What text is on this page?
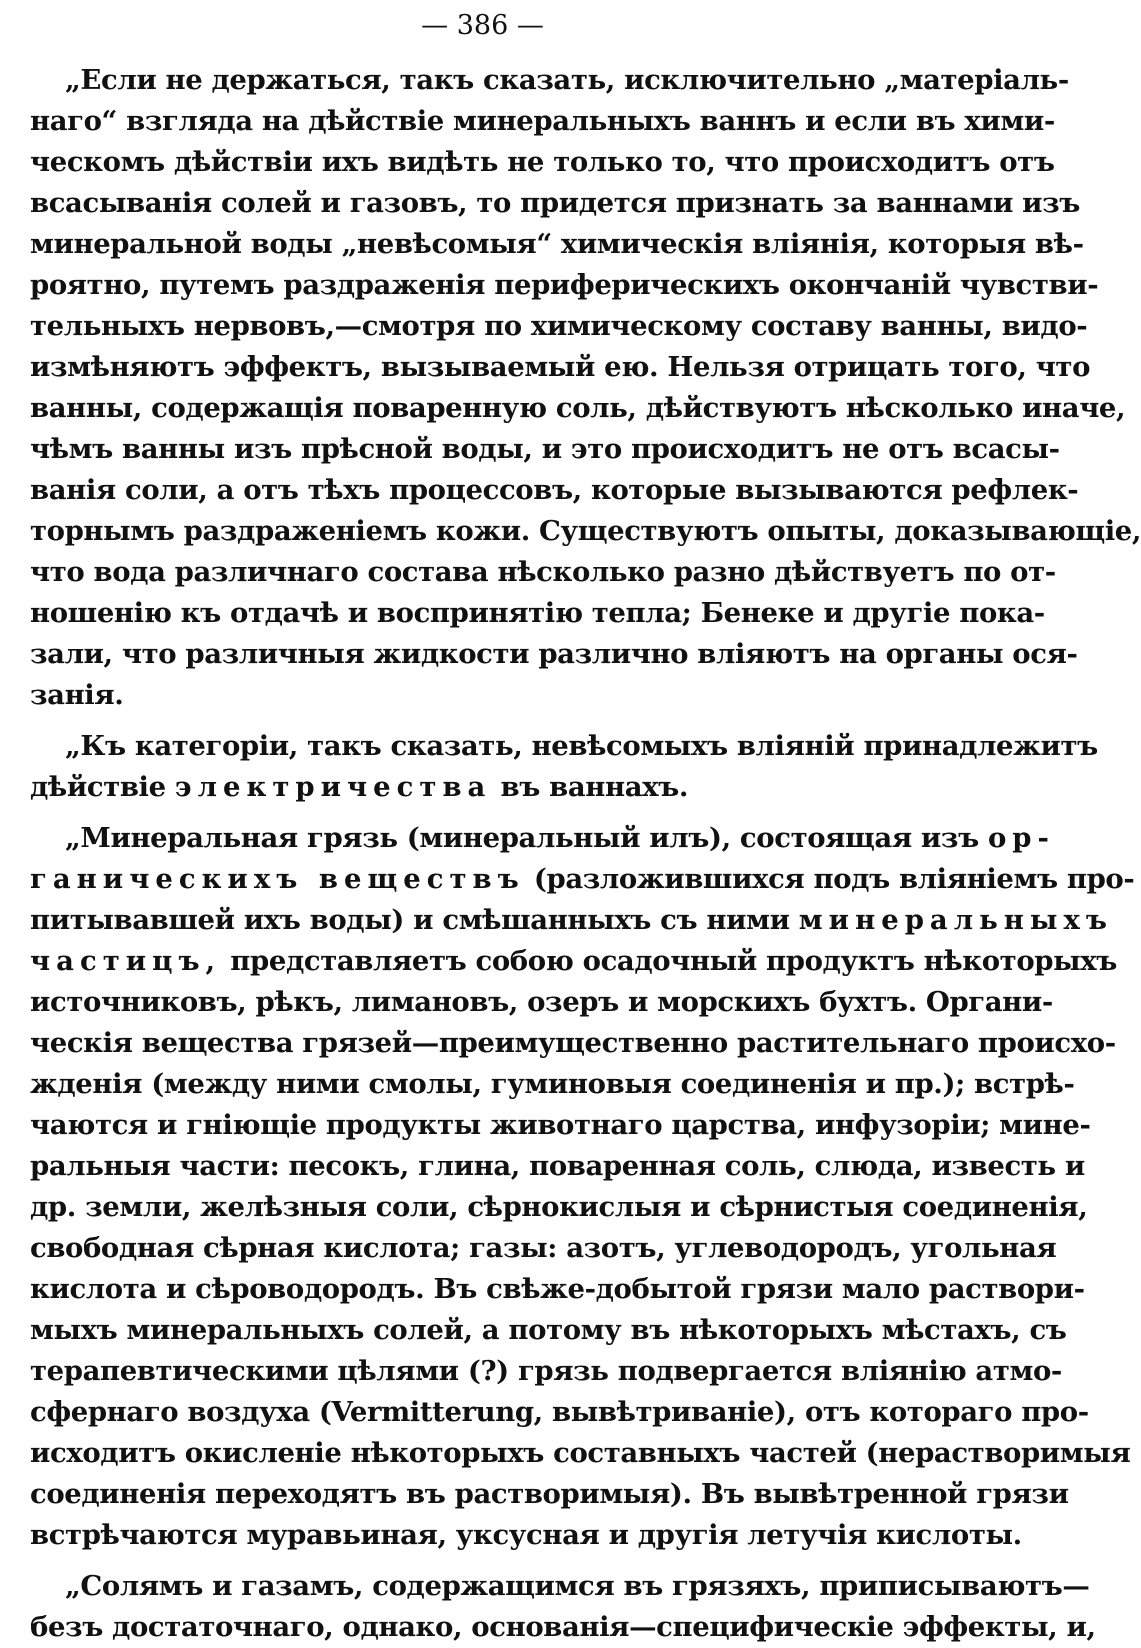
— 386 —
„Если не держаться, такъ сказать, исключительно „матеріаль-
наго“ взгляда на дѣйствіе минеральныхъ ваннъ и если въ хими-
ческомъ дѣйствіи ихъ видѣть не только то, что происходитъ отъ
всасыванія солей и газовъ, то придется признать за ваннами изъ
минеральной воды „невѣсомыя“ химическія вліянія, которыя вѣ-
роятно, путемъ раздраженія периферическихъ окончаній чувстви-
тельныхъ нервовъ,—смотря по химическому составу ванны, видо-
измѣняютъ эффектъ, вызываемый ею. Нельзя отрицать того, что
ванны, содержащія поваренную соль, дѣйствуютъ нѣсколько иначе,
чѣмъ ванны изъ прѣсной воды, и это происходитъ не отъ всасы-
ванія соли, а отъ тѣхъ процессовъ, которые вызываются рефлек-
торнымъ раздраженіемъ кожи. Существуютъ опыты, доказывающіе,
что вода различнаго состава нѣсколько разно дѣйствуетъ по от-
ношенію къ отдачѣ и воспринятію тепла; Бенеке и другіе пока-
зали, что различныя жидкости различно вліяютъ на органы ося-
занія.
„Къ категоріи, такъ сказать, невѣсомыхъ вліяній принадлежитъ
дѣйствіе электричества въ ваннахъ.
„Минеральная грязь (минеральный илъ), состоящая изъ ор-
ганическихъ веществъ (разложившихся подъ вліяніемъ про-
питывавшей ихъ воды) и смѣшанныхъ съ ними минеральныхъ
частицъ, представляетъ собою осадочный продуктъ нѣкоторыхъ
источниковъ, рѣкъ, лимановъ, озеръ и морскихъ бухтъ. Органи-
ческія вещества грязей—преимущественно растительнаго происхо-
жденія (между ними смолы, гуминовыя соединенія и пр.); встрѣ-
чаются и гніющіе продукты животнаго царства, инфузоріи; мине-
ральныя части: песокъ, глина, поваренная соль, слюда, известь и
др. земли, желѣзныя соли, сѣрнокислыя и сѣрнистыя соединенія,
свободная сѣрная кислота; газы: азотъ, углеводородъ, угольная
кислота и сѣроводородъ. Въ свѣже-добытой грязи мало раствори-
мыхъ минеральныхъ солей, а потому въ нѣкоторыхъ мѣстахъ, съ
терапевтическими цѣлями (?) грязь подвергается вліянію атмо-
сфернаго воздуха (Vermitterung, вывѣтриваніе), отъ котораго про-
исходитъ окисленіе нѣкоторыхъ составныхъ частей (нерастворимыя
соединенія переходятъ въ растворимыя). Въ вывѣтренной грязи
встрѣчаются муравьиная, уксусная и другія летучія кислоты.
„Солямъ и газамъ, содержащимся въ грязяхъ, приписываютъ—
безъ достаточнаго, однако, основанія—специфическіе эффекты, и,
